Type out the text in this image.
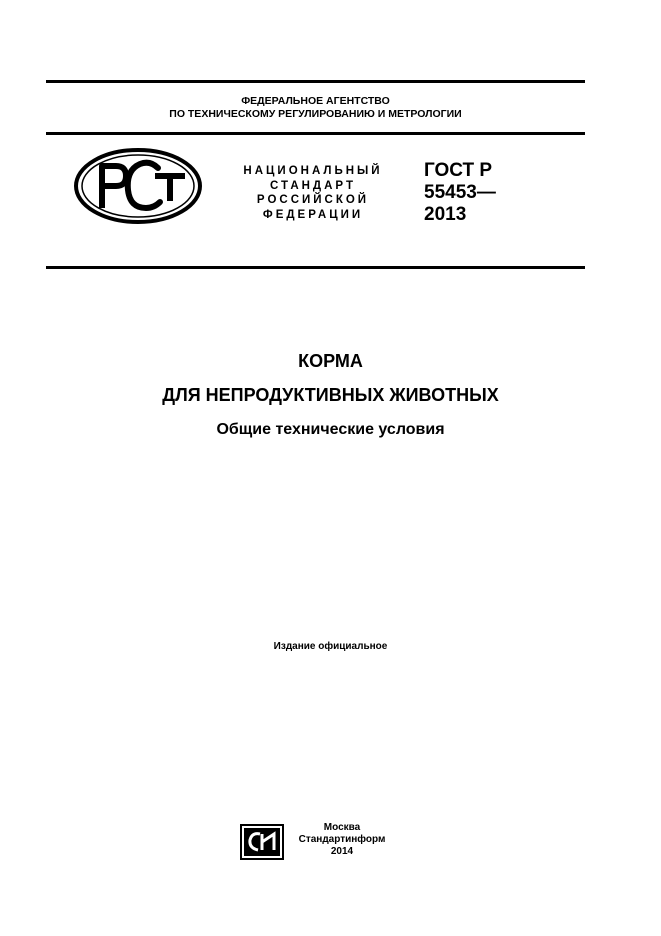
ФЕДЕРАЛЬНОЕ АГЕНТСТВО
ПО ТЕХНИЧЕСКОМУ РЕГУЛИРОВАНИЮ И МЕТРОЛОГИИ
НАЦИОНАЛЬНЫЙ
СТАНДАРТ
РОССИЙСКОЙ
ФЕДЕРАЦИИ
ГОСТ Р
55453—
2013
КОРМА
ДЛЯ НЕПРОДУКТИВНЫХ ЖИВОТНЫХ
Общие технические условия
Издание официальное
Москва
Стандартинформ
2014
